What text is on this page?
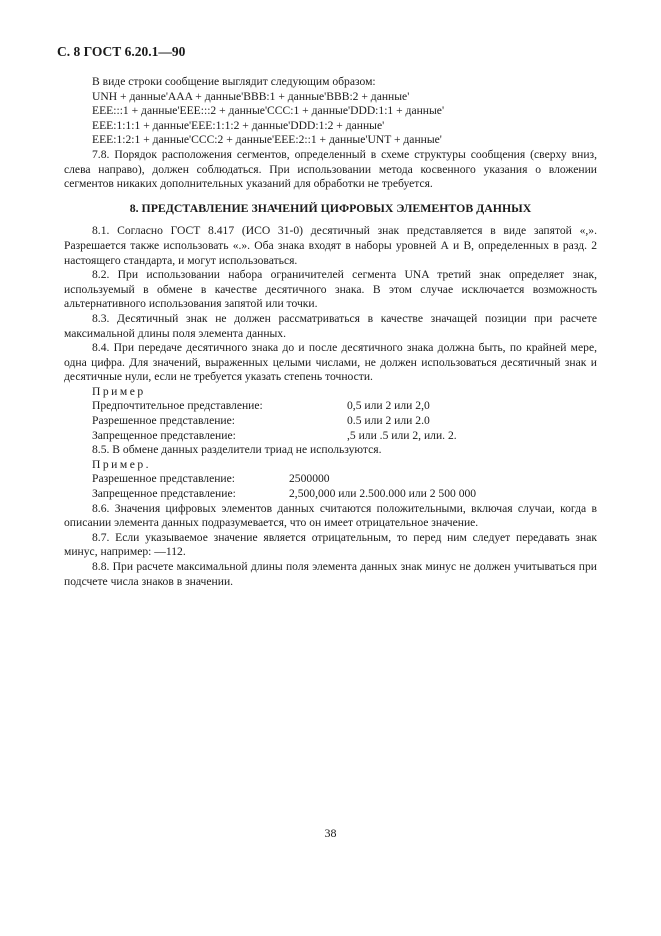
С. 8 ГОСТ 6.20.1—90
В виде строки сообщение выглядит следующим образом:
UNH + данные'AAA + данные'BBB:1 + данные'BBB:2 + данные'
EEE:::1 + данные'EEE:::2 + данные'CCC:1 + данные'DDD:1:1 + данные'
EEE:1:1:1 + данные'EEE:1:1:2 + данные'DDD:1:2 + данные'
EEE:1:2:1 + данные'CCC:2 + данные'EEE:2::1 + данные'UNT + данные'
7.8. Порядок расположения сегментов, определенный в схеме структуры сообщения (сверху вниз, слева направо), должен соблюдаться. При использовании метода косвенного указания о вложении сегментов никаких дополнительных указаний для обработки не требуется.
8. ПРЕДСТАВЛЕНИЕ ЗНАЧЕНИЙ ЦИФРОВЫХ ЭЛЕМЕНТОВ ДАННЫХ
8.1. Согласно ГОСТ 8.417 (ИСО 31-0) десятичный знак представляется в виде запятой «,». Разрешается также использовать «.». Оба знака входят в наборы уровней А и В, определенных в разд. 2 настоящего стандарта, и могут использоваться.
8.2. При использовании набора ограничителей сегмента UNA третий знак определяет знак, используемый в обмене в качестве десятичного знака. В этом случае исключается возможность альтернативного использования запятой или точки.
8.3. Десятичный знак не должен рассматриваться в качестве значащей позиции при расчете максимальной длины поля элемента данных.
8.4. При передаче десятичного знака до и после десятичного знака должна быть, по крайней мере, одна цифра. Для значений, выраженных целыми числами, не должен использоваться десятичный знак и десятичные нули, если не требуется указать степень точности.
Пример
Предпочтительное представление:	0,5 или 2 или 2,0
Разрешенное представление:	0.5 или 2 или 2.0
Запрещенное представление:	,5 или .5 или 2, или. 2.
8.5. В обмене данных разделители триад не используются.
Пример.
Разрешенное представление:	2500000
Запрещенное представление:	2,500,000 или 2.500.000 или 2 500 000
8.6. Значения цифровых элементов данных считаются положительными, включая случаи, когда в описании элемента данных подразумевается, что он имеет отрицательное значение.
8.7. Если указываемое значение является отрицательным, то перед ним следует передавать знак минус, например: —112.
8.8. При расчете максимальной длины поля элемента данных знак минус не должен учитываться при подсчете числа знаков в значении.
38
